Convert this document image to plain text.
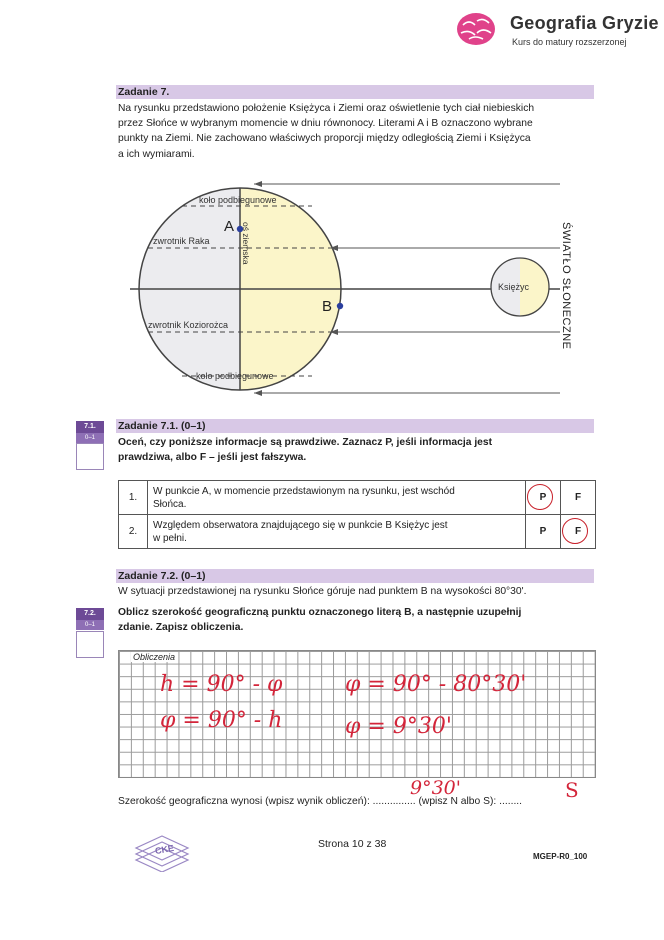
Geografia Gryzie
Kurs do matury rozszerzonej
Zadanie 7.
Na rysunku przedstawiono położenie Księżyca i Ziemi oraz oświetlenie tych ciał niebieskich
przez Słońce w wybranym momencie w dniu równonocy. Literami A i B oznaczono wybrane
punkty na Ziemi. Nie zachowano właściwych proporcji między odległością Ziemi i Księżyca
a ich wymiarami.
koło podbiegunowe
zwrotnik Raka
zwrotnik Koziorożca
koło podbiegunowe
oś ziemska
A
B
Księżyc	ŚWIATŁO SŁONECZNE
7.1.
0–1
Zadanie 7.1. (0–1)
Oceń, czy poniższe informacje są prawdziwe. Zaznacz P, jeśli informacja jest
prawdziwa, albo F – jeśli jest fałszywa.
1.	W punkcie A, w momencie przedstawionym na rysunku, jest wschód
Słońca.	P	F
2.	Względem obserwatora znajdującego się w punkcie B Księżyc jest
w pełni.	P	F
Zadanie 7.2. (0–1)
W sytuacji przedstawionej na rysunku Słońce góruje nad punktem B na wysokości 80°30'.
7.2.
0–1
Oblicz szerokość geograficzną punktu oznaczonego literą B, a następnie uzupełnij
zdanie. Zapisz obliczenia.
Obliczenia
h = 90° - φ
φ = 90° - h
φ = 90° - 80°30'
φ = 9°30'
Szerokość geograficzna wynosi (wpisz wynik obliczeń): ............... (wpisz N albo S): ........
9°30'	S
CKE	Strona 10 z 38
MGEP-R0_100
